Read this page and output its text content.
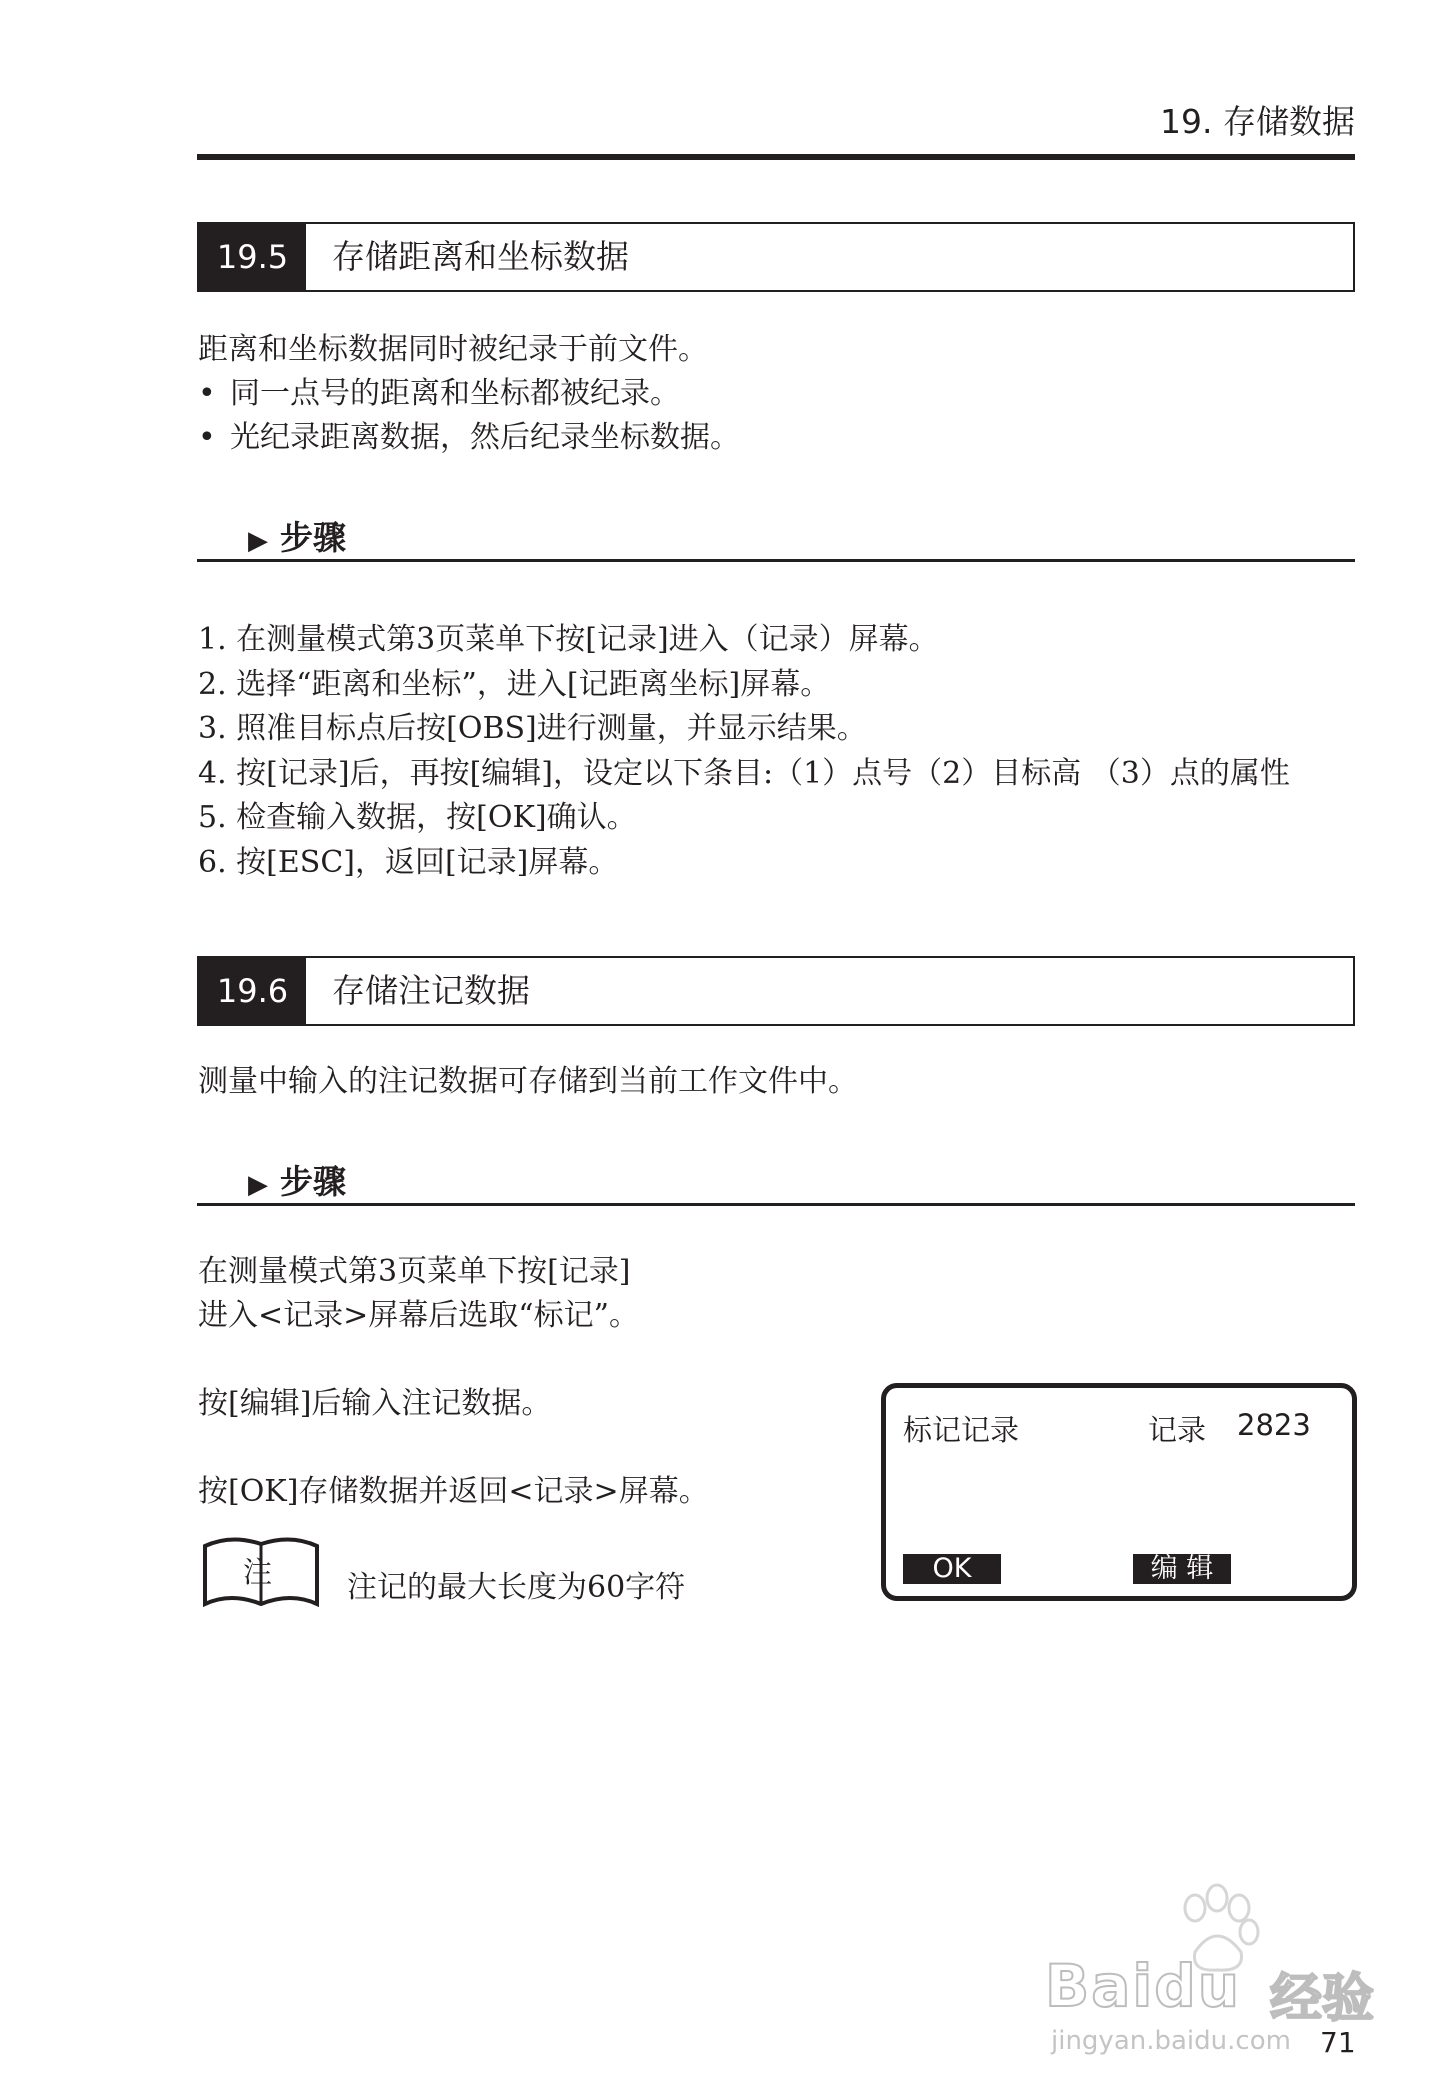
19. 存储数据
19.5	存储距离和坐标数据
距离和坐标数据同时被纪录于前文件。
• 同一点号的距离和坐标都被纪录。
• 光纪录距离数据，然后纪录坐标数据。
▶ 步骤
1. 在测量模式第3页菜单下按[记录]进入（记录）屏幕。
2. 选择“距离和坐标”，进入[记距离坐标]屏幕。
3. 照准目标点后按[OBS]进行测量，并显示结果。
4. 按[记录]后，再按[编辑]，设定以下条目:（1）点号（2）目标高 （3）点的属性
5. 检查输入数据，按[OK]确认。
6. 按[ESC]，返回[记录]屏幕。
19.6	存储注记数据
测量中输入的注记数据可存储到当前工作文件中。
▶ 步骤
在测量模式第3页菜单下按[记录]
进入<记录>屏幕后选取“标记”。
按[编辑]后输入注记数据。
按[OK]存储数据并返回<记录>屏幕。
注 注记的最大长度为60字符
标记记录	记录 2823
OK	编 辑
Baidu 经验
jingyan.baidu.com 71
